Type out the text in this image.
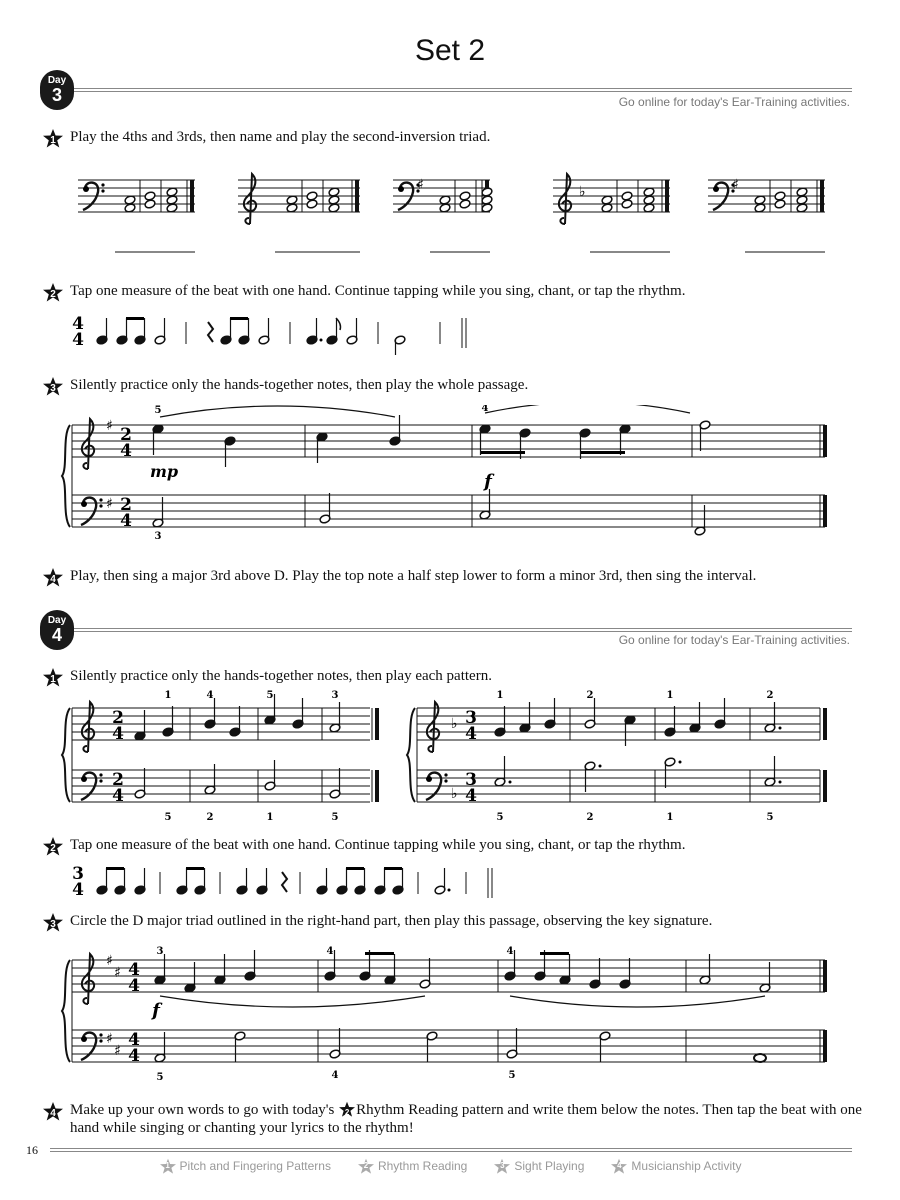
Set 2
Day
3	Go online for today's Ear-Training activities.
1 Play the 4ths and 3rds, then name and play the second-inversion triad.
♯	♭	♯
2 Tap one measure of the beat with one hand. Continue tapping while you sing, chant, or tap the rhythm.
4
4
3 Silently practice only the hands-together notes, then play the whole passage.
♯
♯
2
4
2
4
5	4
3
mp	f
4 Play, then sing a major 3rd above D. Play the top note a half step lower to form a minor 3rd, then sing the interval.
Day
4	Go online for today's Ear-Training activities.
1 Silently practice only the hands-together notes, then play each pattern.
2
4
2
4
1
5
4
2
5
1
3
5
♭
♭
3
4
3
4
1
5
2
2
1
1
2
5
2 Tap one measure of the beat with one hand. Continue tapping while you sing, chant, or tap the rhythm.
3
4
3 Circle the D major triad outlined in the right-hand part, then play this passage, observing the key signature.
♯
♯
♯
♯
4
4
4
4
3	4	4
5	4	5
f
4 Make up your own words to go with today's	2 Rhythm Reading pattern and write them below the notes. Then tap the beat with one hand while singing or chanting your lyrics to the rhythm!
16
1 Pitch and Fingering Patterns	2 Rhythm Reading	3 Sight Playing	4 Musicianship Activity
